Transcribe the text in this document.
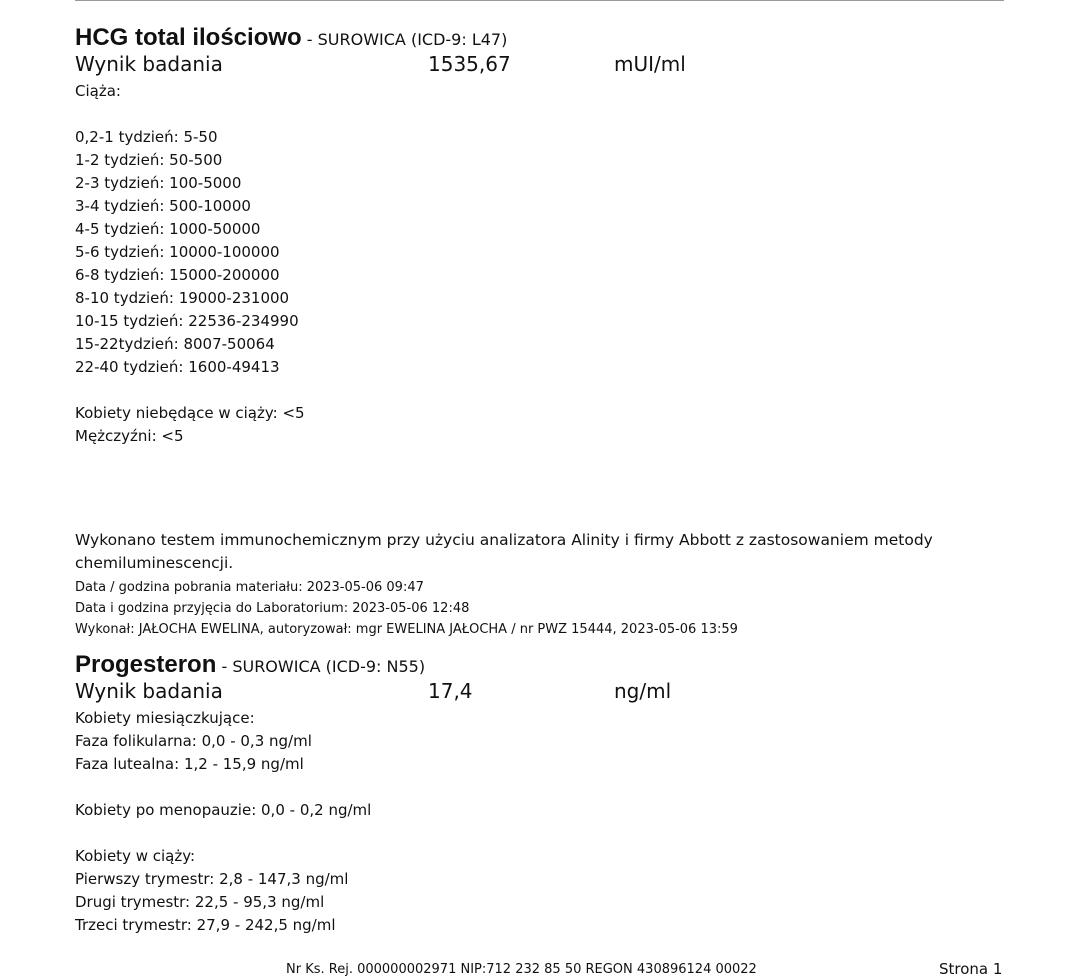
HCG total ilościowo - SUROWICA (ICD-9: L47)
Wynik badania	1535,67	mUI/ml
Ciąża:
0,2-1 tydzień: 5-50
1-2 tydzień: 50-500
2-3 tydzień: 100-5000
3-4 tydzień: 500-10000
4-5 tydzień: 1000-50000
5-6 tydzień: 10000-100000
6-8 tydzień: 15000-200000
8-10 tydzień: 19000-231000
10-15 tydzień: 22536-234990
15-22tydzień: 8007-50064
22-40 tydzień: 1600-49413
Kobiety niebędące w ciąży: <5
Mężczyźni: <5
Wykonano testem immunochemicznym przy użyciu analizatora Alinity i firmy Abbott z zastosowaniem metody chemiluminescencji.
Data / godzina pobrania materiału: 2023-05-06 09:47
Data i godzina przyjęcia do Laboratorium: 2023-05-06 12:48
Wykonał: JAŁOCHA EWELINA, autoryzował: mgr EWELINA JAŁOCHA / nr PWZ 15444, 2023-05-06 13:59
Progesteron - SUROWICA (ICD-9: N55)
Wynik badania	17,4	ng/ml
Kobiety miesiączkujące:
Faza folikularna: 0,0 - 0,3 ng/ml
Faza lutealna: 1,2 - 15,9 ng/ml
Kobiety po menopauzie: 0,0 - 0,2 ng/ml
Kobiety w ciąży:
Pierwszy trymestr: 2,8 - 147,3 ng/ml
Drugi trymestr: 22,5 - 95,3 ng/ml
Trzeci trymestr: 27,9 - 242,5 ng/ml
Nr Ks. Rej. 000000002971 NIP:712 232 85 50 REGON 430896124 00022	Strona 1
